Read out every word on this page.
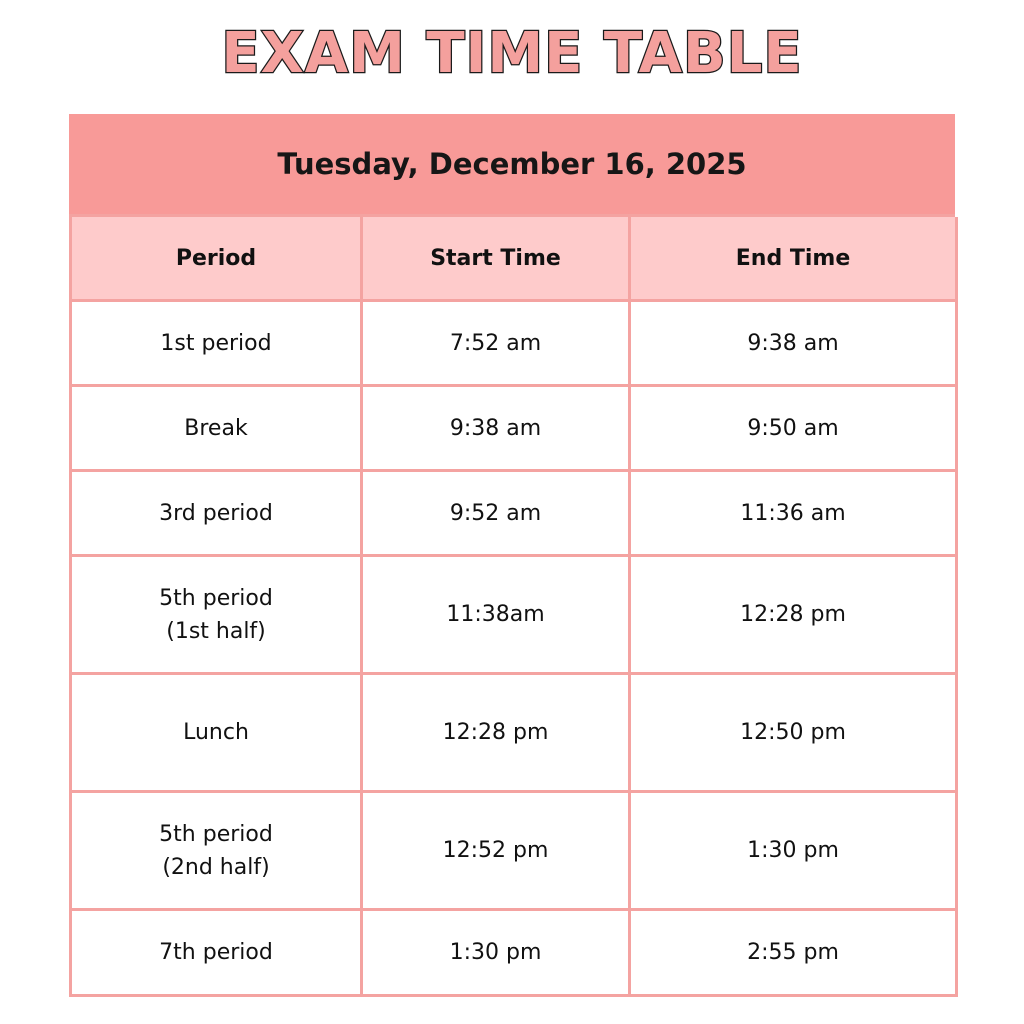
EXAM TIME TABLE
Tuesday, December 16, 2025
Period	Start Time	End Time
1st period	7:52 am	9:38 am
Break	9:38 am	9:50 am
3rd period	9:52 am	11:36 am
5th period
(1st half)
11:38am	12:28 pm
Lunch	12:28 pm	12:50 pm
5th period
(2nd half)
12:52 pm	1:30 pm
7th period	1:30 pm	2:55 pm
